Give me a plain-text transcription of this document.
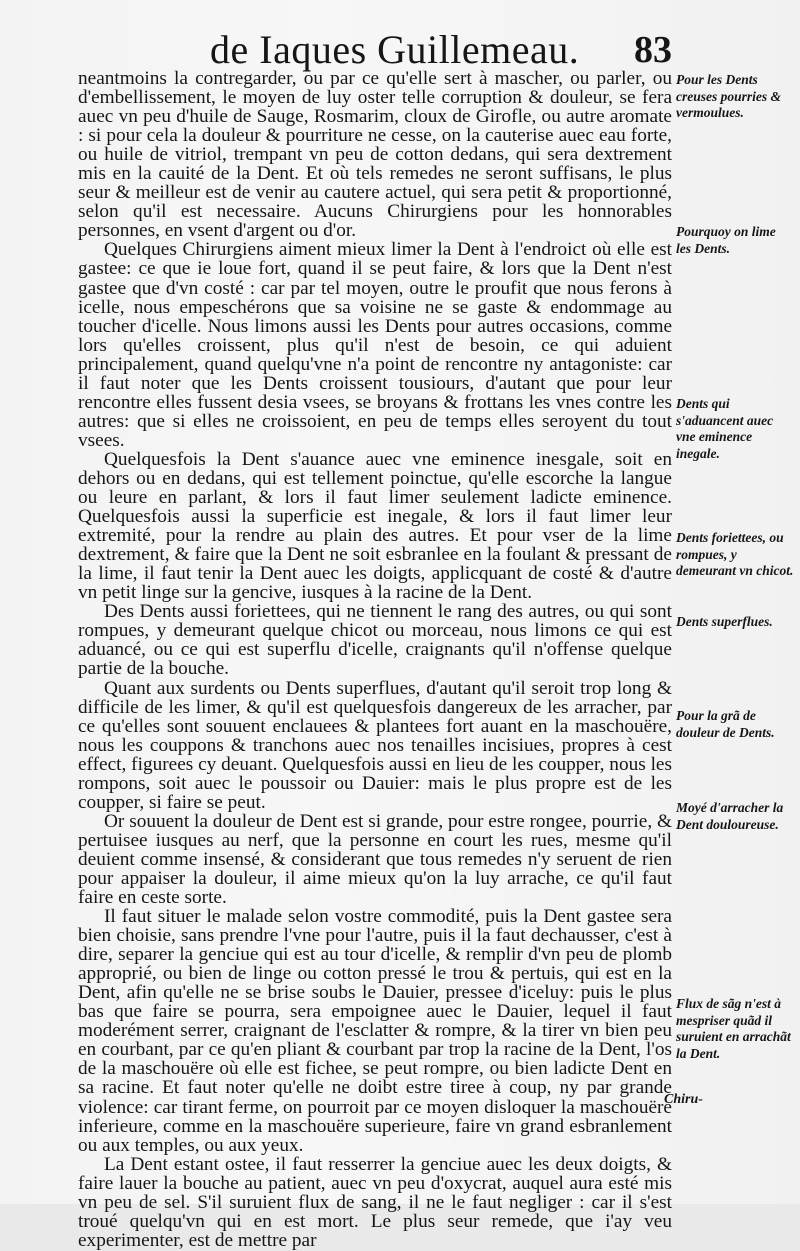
de Iaques Guillemeau. 83

neantmoins la contregarder, ou par ce qu'elle sert à mascher, ou parler, ou d'embellissement, le moyen de luy oster telle corruption & douleur, se fera auec vn peu d'huile de Sauge, Rosmarim, cloux de Girofle, ou autre aromate : si pour cela la douleur & pourriture ne cesse, on la cauterise auec eau forte, ou huile de vitriol, trempant vn peu de cotton dedans, qui sera dextrement mis en la cauité de la Dent. Et où tels remedes ne seront suffisans, le plus seur & meilleur est de venir au cautere actuel, qui sera petit & proportionné, selon qu'il est necessaire. Aucuns Chirurgiens pour les honnorables personnes, en vsent d'argent ou d'or.

Quelques Chirurgiens aiment mieux limer la Dent à l'endroict où elle est gastee: ce que ie loue fort, quand il se peut faire, & lors que la Dent n'est gastee que d'vn costé : car par tel moyen, outre le proufit que nous ferons à icelle, nous empeschérons que sa voisine ne se gaste & endommage au toucher d'icelle. Nous limons aussi les Dents pour autres occasions, comme lors qu'elles croissent, plus qu'il n'est de besoin, ce qui aduient principalement, quand quelqu'vne n'a point de rencontre ny antagoniste: car il faut noter que les Dents croissent tousiours, d'autant que pour leur rencontre elles fussent desia vsees, se broyans & frottans les vnes contre les autres: que si elles ne croissoient, en peu de temps elles seroyent du tout vsees.

Quelquesfois la Dent s'auance auec vne eminence inesgale, soit en dehors ou en dedans, qui est tellement poinctue, qu'elle escorche la langue ou leure en parlant, & lors il faut limer seulement ladicte eminence. Quelquesfois aussi la superficie est inegale, & lors il faut limer leur extremité, pour la rendre au plain des autres. Et pour vser de la lime dextrement, & faire que la Dent ne soit esbranlee en la foulant & pressant de la lime, il faut tenir la Dent auec les doigts, applicquant de costé & d'autre vn petit linge sur la gencive, iusques à la racine de la Dent.

Des Dents aussi foriettees, qui ne tiennent le rang des autres, ou qui sont rompues, y demeurant quelque chicot ou morceau, nous limons ce qui est aduancé, ou ce qui est superflu d'icelle, craignants qu'il n'offense quelque partie de la bouche.

Quant aux surdents ou Dents superflues, d'autant qu'il seroit trop long & difficile de les limer, & qu'il est quelquesfois dangereux de les arracher, par ce qu'elles sont souuent enclauees & plantees fort auant en la maschouëre, nous les couppons & tranchons auec nos tenailles incisiues, propres à cest effect, figurees cy deuant. Quelquesfois aussi en lieu de les coupper, nous les rompons, soit auec le poussoir ou Dauier: mais le plus propre est de les coupper, si faire se peut.

Or souuent la douleur de Dent est si grande, pour estre rongee, pourrie, & pertuisee iusques au nerf, que la personne en court les rues, mesme qu'il deuient comme insensé, & considerant que tous remedes n'y seruent de rien pour appaiser la douleur, il aime mieux qu'on la luy arrache, ce qu'il faut faire en ceste sorte.

Il faut situer le malade selon vostre commodité, puis la Dent gastee sera bien choisie, sans prendre l'vne pour l'autre, puis il la faut dechausser, c'est à dire, separer la genciue qui est au tour d'icelle, & remplir d'vn peu de plomb approprié, ou bien de linge ou cotton pressé le trou & pertuis, qui est en la Dent, afin qu'elle ne se brise soubs le Dauier, pressee d'iceluy: puis le plus bas que faire se pourra, sera empoignee auec le Dauier, lequel il faut moderément serrer, craignant de l'esclatter & rompre, & la tirer vn bien peu en courbant, par ce qu'en pliant & courbant par trop la racine de la Dent, l'os de la maschouëre où elle est fichee, se peut rompre, ou bien ladicte Dent en sa racine. Et faut noter qu'elle ne doibt estre tiree à coup, ny par grande violence: car tirant ferme, on pourroit par ce moyen disloquer la maschouëre inferieure, comme en la maschouëre superieure, faire vn grand esbranlement ou aux temples, ou aux yeux.

La Dent estant ostee, il faut resserrer la genciue auec les deux doigts, & faire lauer la bouche au patient, auec vn peu d'oxycrat, auquel aura esté mis vn peu de sel. S'il suruient flux de sang, il ne le faut negliger : car il s'est troué quelqu'vn qui en est mort. Le plus seur remede, que i'ay veu experimenter, est de mettre par

Pour les Dents creuses pourries & vermoulues.
Pourquoy on lime les Dents.
Dents qui s'aduancent auec vne eminence inegale.
Dents foriettees, ou rompues, y demeurant vn chicot.
Dents superflues.
Pour la grã de douleur de Dents.
Moyé d'arracher la Dent douloureuse.
Flux de sãg n'est à mespriser quãd il suruient en arrachãt la Dent.
Chiru-
